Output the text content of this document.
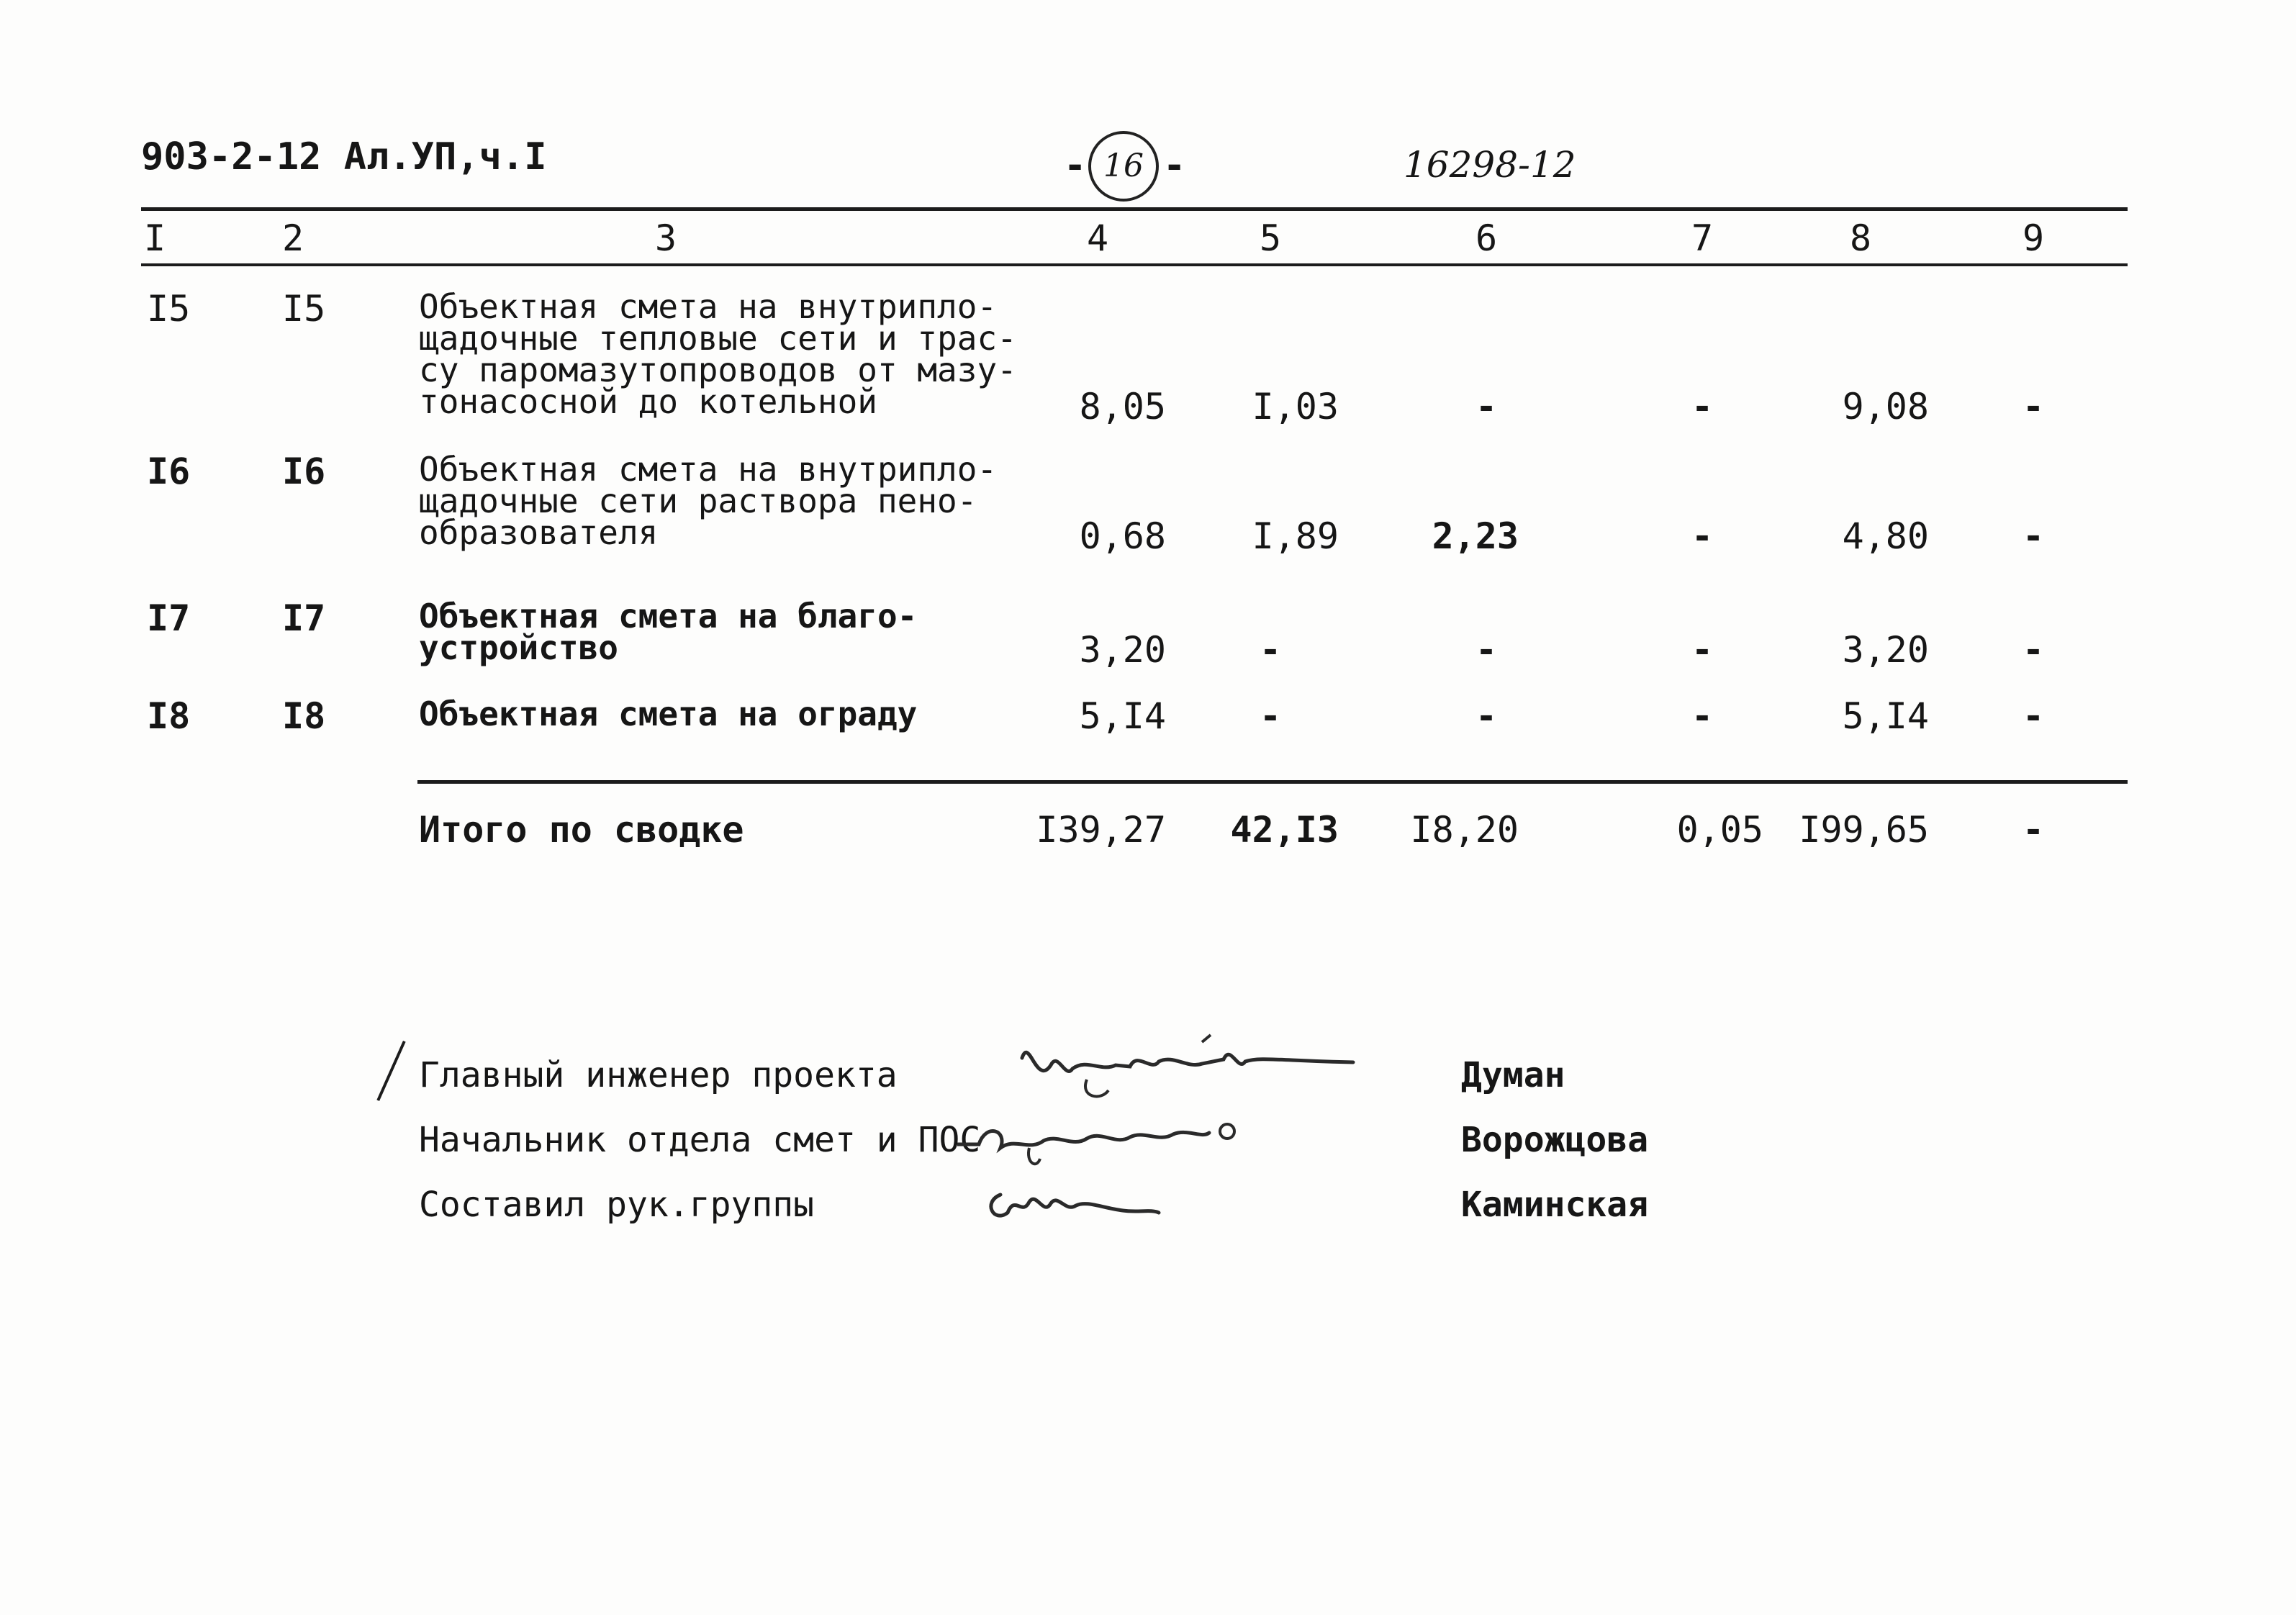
903-2-12 Ал.УП,ч.I	- 16 -	16298-12
I	2	3	4	5	6	7	8	9
I5	I5	Объектная смета на внутрипло-
щадочные тепловые сети и трас-
су паромазутопроводов от мазу-
тонасосной до котельной	8,05	I,03	-	-	9,08	-
I6	I6	Объектная смета на внутрипло-
щадочные сети раствора пено-
образователя	0,68	I,89	2,23	-	4,80	-
I7	I7	Объектная смета на благо-
устройство	3,20	-	-	-	3,20	-
I8	I8	Объектная смета на ограду	5,I4	-	-	-	5,I4	-
Итого по сводке	I39,27	42,I3	I8,20	0,05 I99,65	-
Главный инженер проекта	Думан
Начальник отдела смет и ПОС	Ворожцова
Составил рук.группы	Каминская
